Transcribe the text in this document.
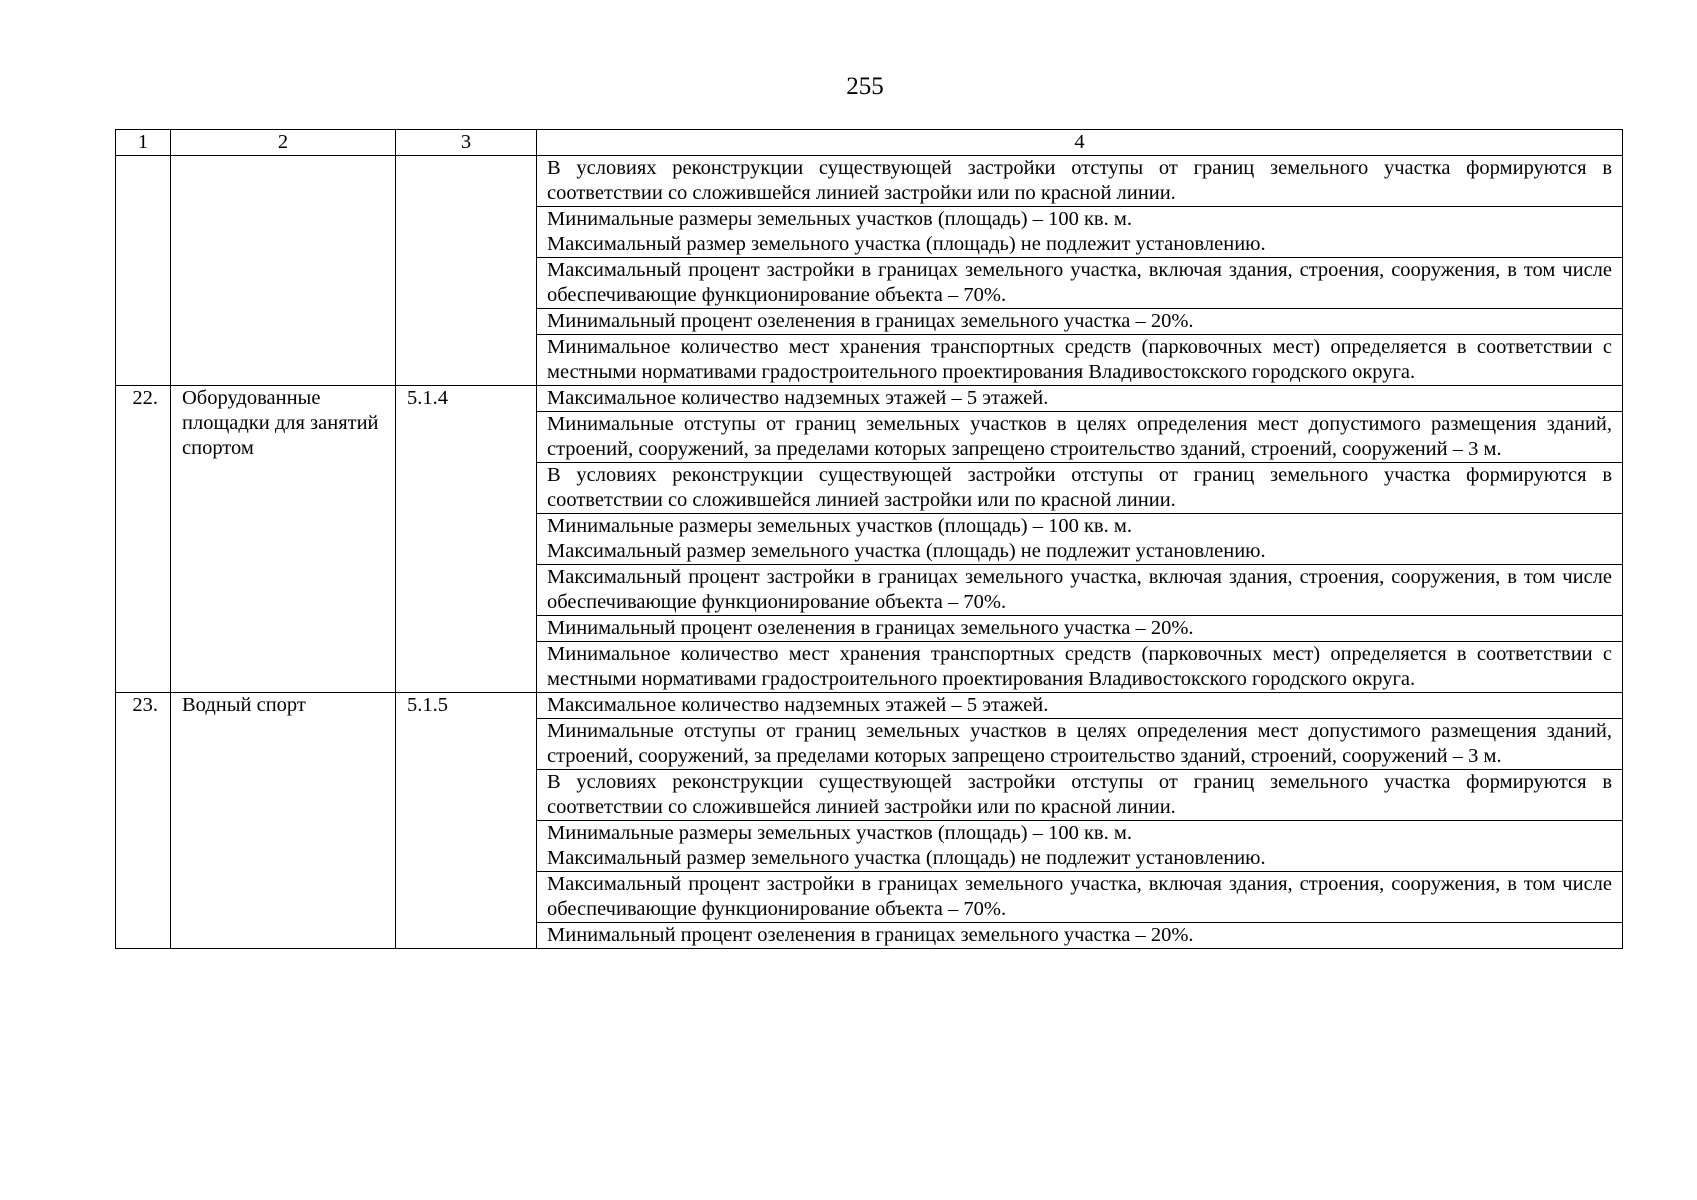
255
1	2	3	4

			В условиях реконструкции существующей застройки отступы от границ земельного участка формируются в соответствии со сложившейся линией застройки или по красной линии.

			Минимальные размеры земельных участков (площадь) – 100 кв. м.
Максимальный размер земельного участка (площадь) не подлежит установлению.

			Максимальный процент застройки в границах земельного участка, включая здания, строения, сооружения, в том числе обеспечивающие функционирование объекта – 70%.

			Минимальный процент озеленения в границах земельного участка – 20%.

			Минимальное количество мест хранения транспортных средств (парковочных мест) определяется в соответствии с местными нормативами градостроительного проектирования Владивостокского городского округа.

22.	Оборудованные площадки для занятий спортом	5.1.4	Максимальное количество надземных этажей – 5 этажей.

			Минимальные отступы от границ земельных участков в целях определения мест допустимого размещения зданий, строений, сооружений, за пределами которых запрещено строительство зданий, строений, сооружений – 3 м.

			В условиях реконструкции существующей застройки отступы от границ земельного участка формируются в соответствии со сложившейся линией застройки или по красной линии.

			Минимальные размеры земельных участков (площадь) – 100 кв. м.
Максимальный размер земельного участка (площадь) не подлежит установлению.

			Максимальный процент застройки в границах земельного участка, включая здания, строения, сооружения, в том числе обеспечивающие функционирование объекта – 70%.

			Минимальный процент озеленения в границах земельного участка – 20%.

			Минимальное количество мест хранения транспортных средств (парковочных мест) определяется в соответствии с местными нормативами градостроительного проектирования Владивостокского городского округа.

23.	Водный спорт	5.1.5	Максимальное количество надземных этажей – 5 этажей.

			Минимальные отступы от границ земельных участков в целях определения мест допустимого размещения зданий, строений, сооружений, за пределами которых запрещено строительство зданий, строений, сооружений – 3 м.

			В условиях реконструкции существующей застройки отступы от границ земельного участка формируются в соответствии со сложившейся линией застройки или по красной линии.

			Минимальные размеры земельных участков (площадь) – 100 кв. м.
Максимальный размер земельного участка (площадь) не подлежит установлению.

			Максимальный процент застройки в границах земельного участка, включая здания, строения, сооружения, в том числе обеспечивающие функционирование объекта – 70%.

			Минимальный процент озеленения в границах земельного участка – 20%.
